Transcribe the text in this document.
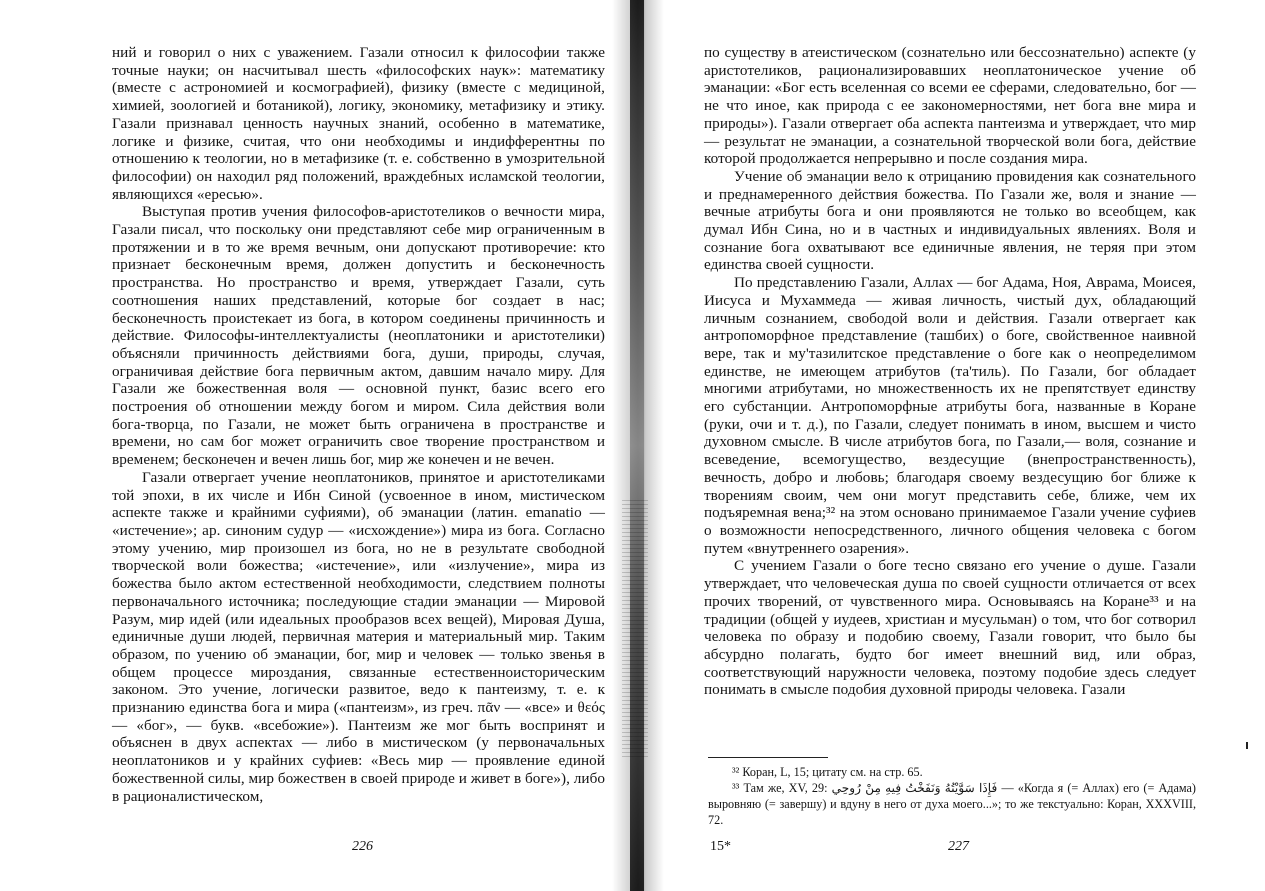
ний и говорил о них с уважением. Газали относил к философии также точные науки; он насчитывал шесть «философских наук»: математику (вместе с астрономией и космографией), физику (вместе с медициной, химией, зоологией и ботаникой), логику, экономику, метафизику и этику. Газали признавал ценность научных знаний, особенно в математике, логике и физике, считая, что они необходимы и индифферентны по отношению к теологии, но в метафизике (т. е. собственно в умозрительной философии) он находил ряд положений, враждебных исламской теологии, являющихся «ересью».

Выступая против учения философов-аристотеликов о вечности мира, Газали писал, что поскольку они представляют себе мир ограниченным в протяжении и в то же время вечным, они допускают противоречие: кто признает бесконечным время, должен допустить и бесконечность пространства. Но пространство и время, утверждает Газали, суть соотношения наших представлений, которые бог создает в нас; бесконечность проистекает из бога, в котором соединены причинность и действие. Философы-интеллектуалисты (неоплатоники и аристотелики) объясняли причинность действиями бога, души, природы, случая, ограничивая действие бога первичным актом, давшим начало миру. Для Газали же божественная воля — основной пункт, базис всего его построения об отношении между богом и миром. Сила действия воли бога-творца, по Газали, не может быть ограничена в пространстве и времени, но сам бог может ограничить свое творение пространством и временем; бесконечен и вечен лишь бог, мир же конечен и не вечен.

Газали отвергает учение неоплатоников, принятое и аристотеликами той эпохи, в их числе и Ибн Синой (усвоенное в ином, мистическом аспекте также и крайними суфиями), об эманации (латин. emanatio — «истечение»; ар. синоним судур — «исхождение») мира из бога. Согласно этому учению, мир произошел из бога, но не в результате свободной творческой воли божества; «истечение», или «излучение», мира из божества было актом естественной необходимости, следствием полноты первоначального источника; последующие стадии эманации — Мировой Разум, мир идей (или идеальных прообразов всех вещей), Мировая Душа, единичные души людей, первичная материя и материальный мир. Таким образом, по учению об эманации, бог, мир и человек — только звенья в общем процессе мироздания, связанные естественноисторическим законом. Это учение, логически развитое, ведо к пантеизму, т. е. к признанию единства бога и мира («пантеизм», из греч. πᾶν — «все» и θεός — «бог», — букв. «всебожие»). Пантеизм же мог быть воспринят и объяснен в двух аспектах — либо в мистическом (у первоначальных неоплатоников и у крайних суфиев: «Весь мир — проявление единой божественной силы, мир божествен в своей природе и живет в боге»), либо в рационалистическом,

по существу в атеистическом (сознательно или бессознательно) аспекте (у аристотеликов, рационализировавших неоплатоническое учение об эманации: «Бог есть вселенная со всеми ее сферами, следовательно, бог — не что иное, как природа с ее закономерностями, нет бога вне мира и природы»). Газали отвергает оба аспекта пантеизма и утверждает, что мир — результат не эманации, а сознательной творческой воли бога, действие которой продолжается непрерывно и после создания мира.

Учение об эманации вело к отрицанию провидения как сознательного и преднамеренного действия божества. По Газали же, воля и знание — вечные атрибуты бога и они проявляются не только во всеобщем, как думал Ибн Сина, но и в частных и индивидуальных явлениях. Воля и сознание бога охватывают все единичные явления, не теряя при этом единства своей сущности.

По представлению Газали, Аллах — бог Адама, Ноя, Аврама, Моисея, Иисуса и Мухаммеда — живая личность, чистый дух, обладающий личным сознанием, свободой воли и действия. Газали отвергает как антропоморфное представление (ташбих) о боге, свойственное наивной вере, так и му'тазилитское представление о боге как о неопределимом единстве, не имеющем атрибутов (та'тиль). По Газали, бог обладает многими атрибутами, но множественность их не препятствует единству его субстанции. Антропоморфные атрибуты бога, названные в Коране (руки, очи и т. д.), по Газали, следует понимать в ином, высшем и чисто духовном смысле. В числе атрибутов бога, по Газали,— воля, сознание и всеведение, всемогущество, вездесущие (внепространственность), вечность, добро и любовь; благодаря своему вездесущию бог ближе к творениям своим, чем они могут представить себе, ближе, чем их подъяремная вена;³² на этом основано принимаемое Газали учение суфиев о возможности непосредственного, личного общения человека с богом путем «внутреннего озарения».

С учением Газали о боге тесно связано его учение о душе. Газали утверждает, что человеческая душа по своей сущности отличается от всех прочих творений, от чувственного мира. Основываясь на Коране³³ и на традиции (общей у иудеев, христиан и мусульман) о том, что бог сотворил человека по образу и подобию своему, Газали говорит, что было бы абсурдно полагать, будто бог имеет внешний вид, или образ, соответствующий наружности человека, поэтому подобие здесь следует понимать в смысле подобия духовной природы человека. Газали

³² Коран, L, 15; цитату см. на стр. 65.

³³ Там же, XV, 29: فَإِذَا سَوَّيْتُهُ وَنَفَخْتُ فِيهِ مِنْ رُوحِي — «Когда я (= Аллах) его (= Адама) выровняю (= завершу) и вдуну в него от духа моего...»; то же текстуально: Коран, XXXVIII, 72.

226	15*	227
